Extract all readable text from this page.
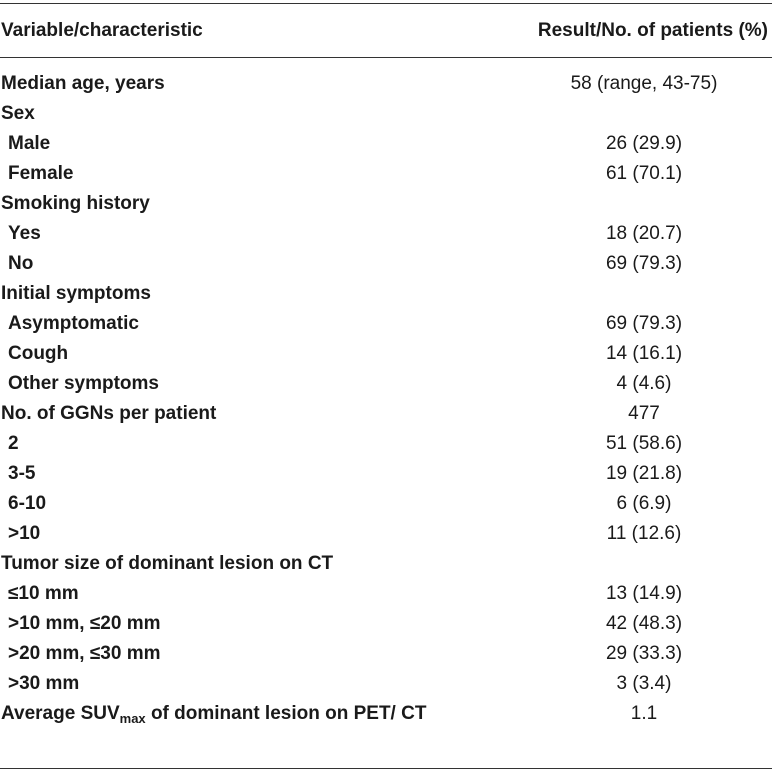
Variable/characteristic	Result/No. of patients (%)
Median age, years	58 (range, 43-75)
Sex
Male	26 (29.9)
Female	61 (70.1)
Smoking history
Yes	18 (20.7)
No	69 (79.3)
Initial symptoms
Asymptomatic	69 (79.3)
Cough	14 (16.1)
Other symptoms	4 (4.6)
No. of GGNs per patient	477
2	51 (58.6)
3-5	19 (21.8)
6-10	6 (6.9)
>10	11 (12.6)
Tumor size of dominant lesion on CT
≤10 mm	13 (14.9)
>10 mm, ≤20 mm	42 (48.3)
>20 mm, ≤30 mm	29 (33.3)
>30 mm	3 (3.4)
Average $SUV_{max}$ of dominant lesion on PET/ CT	1.1
